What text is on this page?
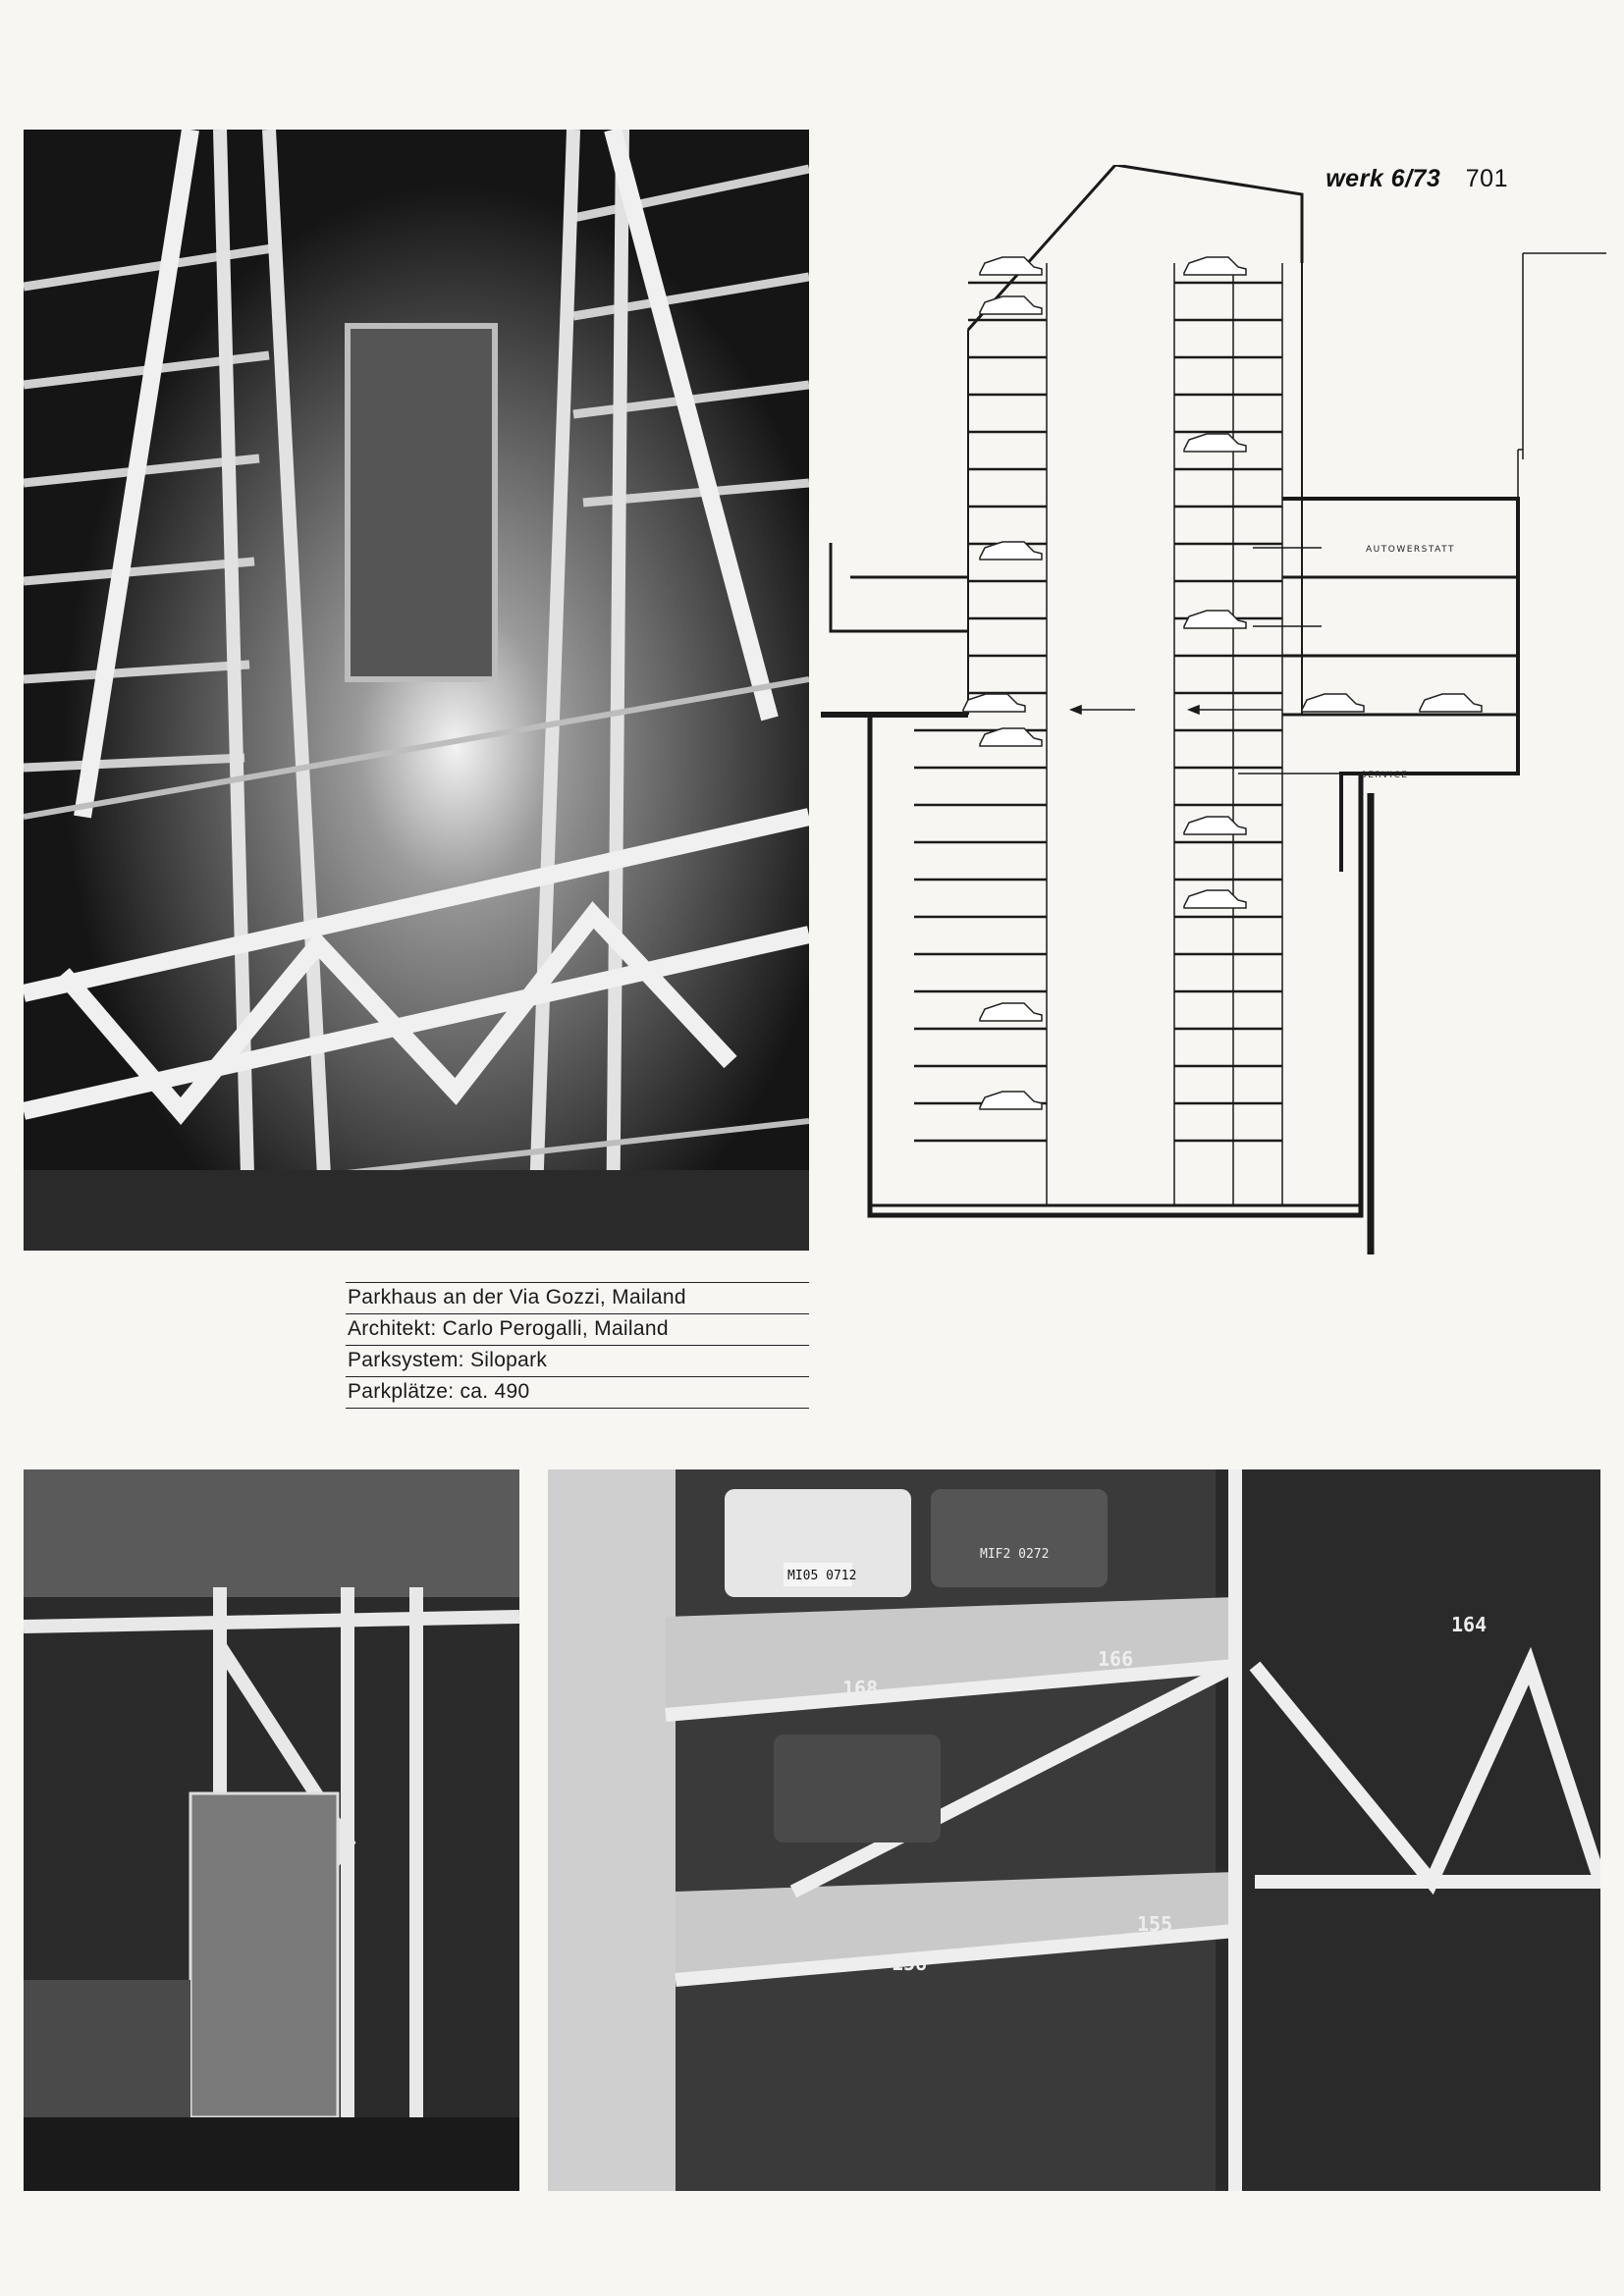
werk 6/73 701
AUTOWERSTATT
SERVICE
Parkhaus an der Via Gozzi, Mailand
Architekt: Carlo Perogalli, Mailand
Parksystem: Silopark
Parkplätze: ca. 490
168
166
164
158
155
MI05 0712
MIF2 0272
